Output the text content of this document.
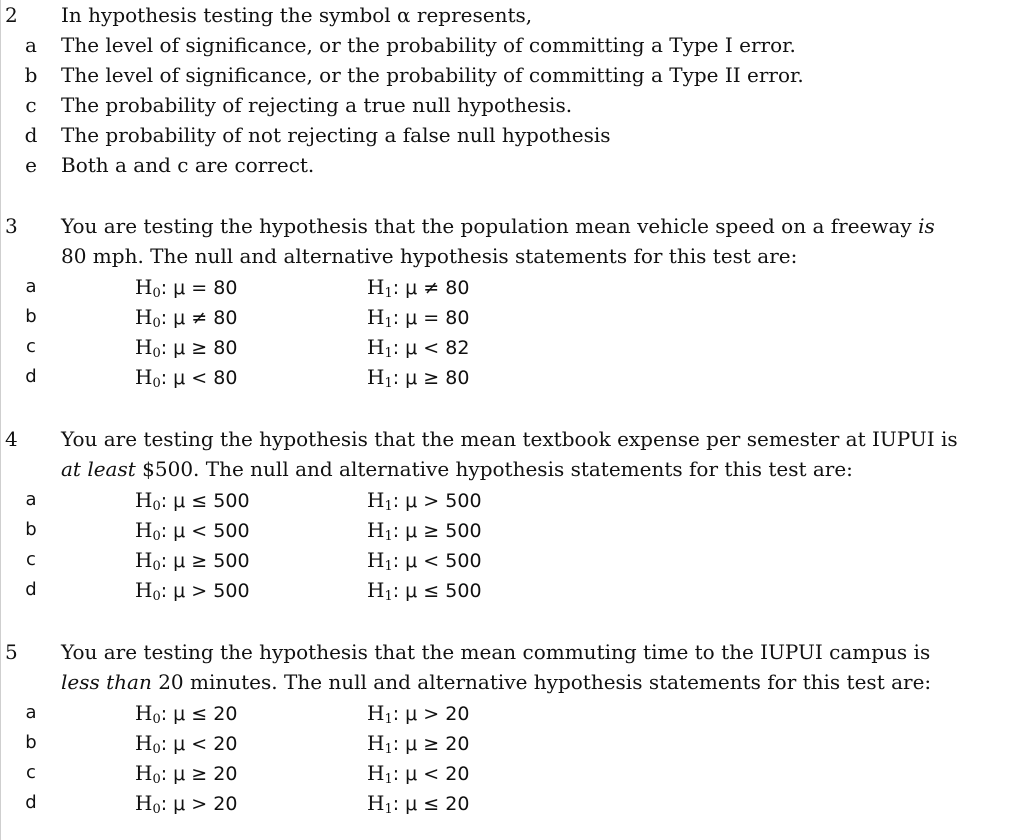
2 In hypothesis testing the symbol α represents,
a The level of significance, or the probability of committing a Type I error.
b The level of significance, or the probability of committing a Type II error.
c The probability of rejecting a true null hypothesis.
d The probability of not rejecting a false null hypothesis
e Both a and c are correct.
3 You are testing the hypothesis that the population mean vehicle speed on a freeway is 80 mph. The null and alternative hypothesis statements for this test are:
a	$H_0$: μ = 80	$H_1$: μ ≠ 80
b	$H_0$: μ ≠ 80	$H_1$: μ = 80
c	$H_0$: μ ≥ 80	$H_1$: μ < 82
d	$H_0$: μ < 80	$H_1$: μ ≥ 80
4 You are testing the hypothesis that the mean textbook expense per semester at IUPUI is at least $500. The null and alternative hypothesis statements for this test are:
a	$H_0$: μ ≤ 500	$H_1$: μ > 500
b	$H_0$: μ < 500	$H_1$: μ ≥ 500
c	$H_0$: μ ≥ 500	$H_1$: μ < 500
d	$H_0$: μ > 500	$H_1$: μ ≤ 500
5 You are testing the hypothesis that the mean commuting time to the IUPUI campus is less than 20 minutes. The null and alternative hypothesis statements for this test are:
a	$H_0$: μ ≤ 20	$H_1$: μ > 20
b	$H_0$: μ < 20	$H_1$: μ ≥ 20
c	$H_0$: μ ≥ 20	$H_1$: μ < 20
d	$H_0$: μ > 20	$H_1$: μ ≤ 20
